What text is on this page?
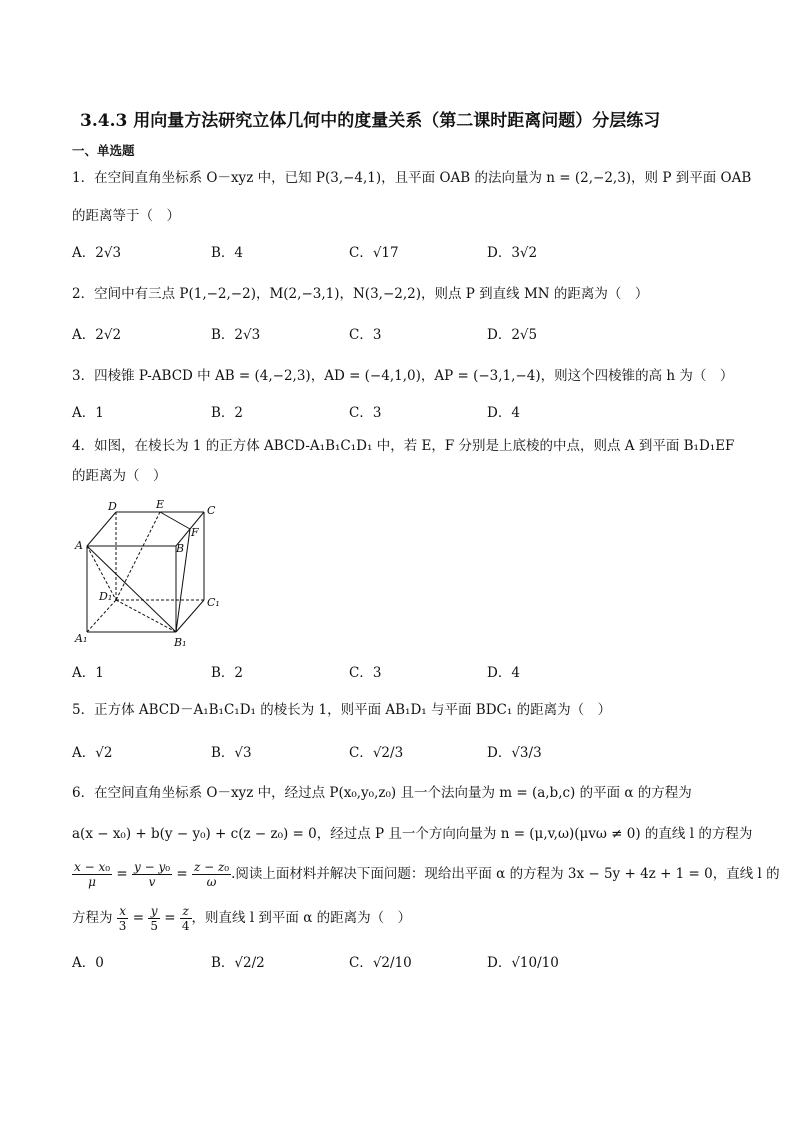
3.4.3 用向量方法研究立体几何中的度量关系（第二课时距离问题）分层练习
一、单选题
1．在空间直角坐标系 O－xyz 中，已知 P(3,−4,1)，且平面 OAB 的法向量为 n = (2,−2,3)，则 P 到平面 OAB
的距离等于（　）
A．2√3	B．4	C．√17	D．3√2
2．空间中有三点 P(1,−2,−2)，M(2,−3,1)，N(3,−2,2)，则点 P 到直线 MN 的距离为（　）
A．2√2	B．2√3	C．3	D．2√5
3．四棱锥 P-ABCD 中 AB = (4,−2,3)，AD = (−4,1,0)，AP = (−3,1,−4)，则这个四棱锥的高 h 为（　）
A．1	B．2	C．3	D．4
4．如图，在棱长为 1 的正方体 ABCD-A₁B₁C₁D₁ 中，若 E，F 分别是上底棱的中点，则点 A 到平面 B₁D₁EF
的距离为（　）
D	E	C
A	B
F
D₁	C₁
A₁	B₁
A．1	B．2	C．3	D．4
5．正方体 ABCD－A₁B₁C₁D₁ 的棱长为 1，则平面 AB₁D₁ 与平面 BDC₁ 的距离为（　）
A．√2	B．√3	C．√2/3	D．√3/3
6．在空间直角坐标系 O－xyz 中，经过点 P(x₀,y₀,z₀) 且一个法向量为 m = (a,b,c) 的平面 α 的方程为
a(x − x₀) + b(y − y₀) + c(z − z₀) = 0，经过点 P 且一个方向向量为 n = (μ,v,ω)(μvω ≠ 0) 的直线 l 的方程为
$\frac{\text{x − x₀}}{\mu} = \frac{\text{y − y₀}}{v} = \frac{\text{z − z₀}}{\omega}$ .阅读上面材料并解决下面问题：现给出平面 α 的方程为 3x − 5y + 4z + 1 = 0，直线 l 的
方程为 $\frac{x}{3} = \frac{y}{5} = \frac{z}{4}$ ，则直线 l 到平面 α 的距离为（　）
A．0	B．√2/2	C．√2/10	D．√10/10
